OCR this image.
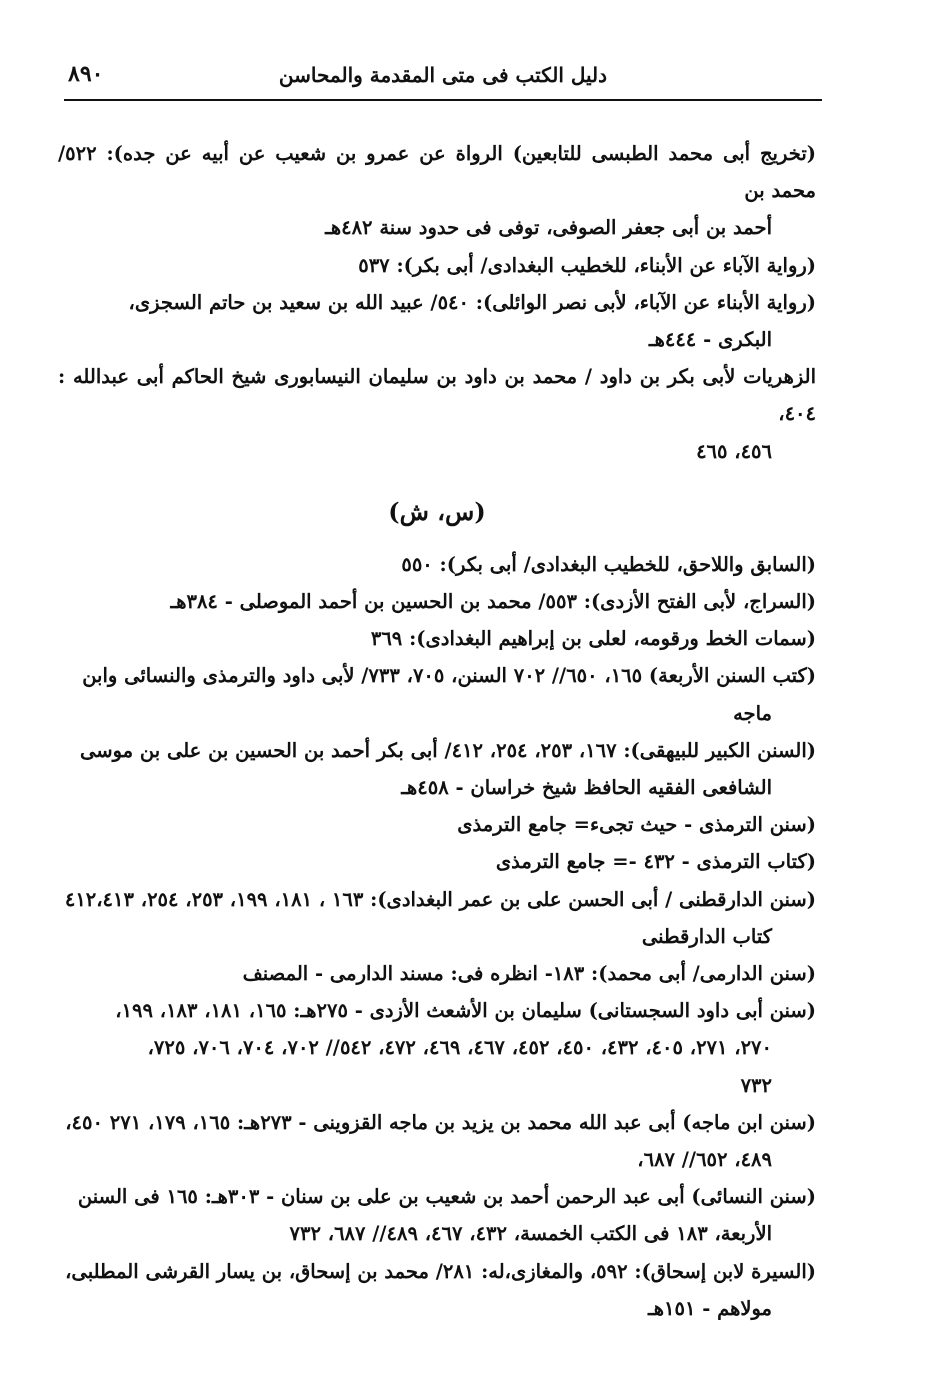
٨٩٠	دليل الكتب فى متى المقدمة والمحاسن
(تخريج أبى محمد الطبسى للتابعين) الرواة عن عمرو بن شعيب عن أبيه عن جده): ٥٢٢/محمد بن
أحمد بن أبى جعفر الصوفى، توفى فى حدود سنة ٤٨٢هـ
(رواية الآباء عن الأبناء، للخطيب البغدادى/ أبى بكر): ٥٣٧
(رواية الأبناء عن الآباء، لأبى نصر الوائلى): ٥٤٠/ عبيد الله بن سعيد بن حاتم السجزى،
البكرى - ٤٤٤هـ
الزهريات لأبى بكر بن داود / محمد بن داود بن سليمان النيسابورى شيخ الحاكم أبى عبدالله : ٤٠٤،
٤٥٦، ٤٦٥
(س، ش)
(السابق واللاحق، للخطيب البغدادى/ أبى بكر): ٥٥٠
(السراج، لأبى الفتح الأزدى): ٥٥٣/ محمد بن الحسين بن أحمد الموصلى - ٣٨٤هـ
(سمات الخط ورقومه، لعلى بن إبراهيم البغدادى): ٣٦٩
(كتب السنن الأربعة) ١٦٥، ٦٥٠// ٧٠٢ السنن، ٧٠٥، ٧٣٣/ لأبى داود والترمذى والنسائى وابن
ماجه
(السنن الكبير للبيهقى): ١٦٧، ٢٥٣، ٢٥٤، ٤١٢/ أبى بكر أحمد بن الحسين بن على بن موسى
الشافعى الفقيه الحافظ شيخ خراسان - ٤٥٨هـ
(سنن الترمذى - حيث تجىء= جامع الترمذى
(كتاب الترمذى - ٤٣٢ -= جامع الترمذى
(سنن الدارقطنى / أبى الحسن على بن عمر البغدادى): ١٦٣ ، ١٨١، ١٩٩، ٢٥٣، ٢٥٤، ٤١٢،٤١٣
كتاب الدارقطنى
(سنن الدارمى/ أبى محمد): ١٨٣- انظره فى: مسند الدارمى - المصنف
(سنن أبى داود السجستانى) سليمان بن الأشعث الأزدى - ٢٧٥هـ: ١٦٥، ١٨١، ١٨٣، ١٩٩،
٢٧٠، ٢٧١، ٤٠٥، ٤٣٢، ٤٥٠، ٤٥٢، ٤٦٧، ٤٦٩، ٤٧٢، ٥٤٢// ٧٠٢، ٧٠٤، ٧٠٦، ٧٢٥،
٧٣٢
(سنن ابن ماجه) أبى عبد الله محمد بن يزيد بن ماجه القزوينى - ٢٧٣هـ: ١٦٥، ١٧٩، ٢٧١ ٤٥٠،
٤٨٩، ٦٥٢// ٦٨٧،
(سنن النسائى) أبى عبد الرحمن أحمد بن شعيب بن على بن سنان - ٣٠٣هـ: ١٦٥ فى السنن
الأربعة، ١٨٣ فى الكتب الخمسة، ٤٣٢، ٤٦٧، ٤٨٩// ٦٨٧، ٧٣٢
(السيرة لابن إسحاق): ٥٩٢، والمغازى،له: ٢٨١/ محمد بن إسحاق، بن يسار القرشى المطلبى،
مولاهم - ١٥١هـ
